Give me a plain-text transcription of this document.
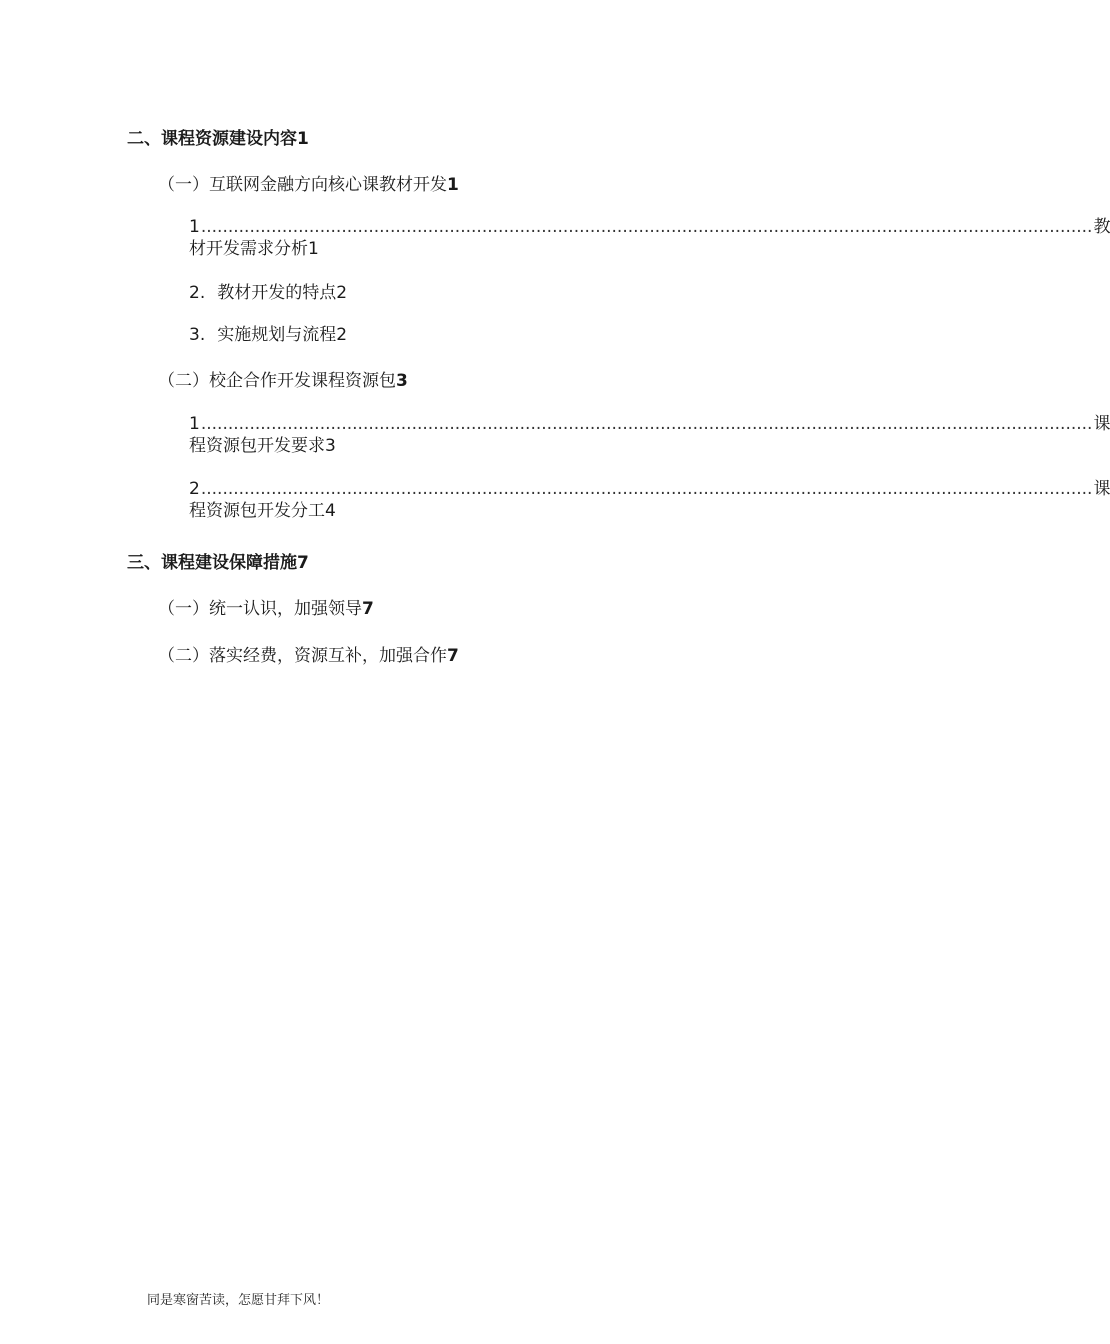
二、课程资源建设内容1
（一）互联网金融方向核心课教材开发1
1 ..................................................................................................................................................................... 教
材开发需求分析1
2. 教材开发的特点2
3. 实施规划与流程2
（二）校企合作开发课程资源包3
1 ..................................................................................................................................................................... 课
程资源包开发要求3
2 ..................................................................................................................................................................... 课
程资源包开发分工4
三、课程建设保障措施7
（一）统一认识，加强领导7
（二）落实经费，资源互补，加强合作7
同是寒窗苦读，怎愿甘拜下风！
